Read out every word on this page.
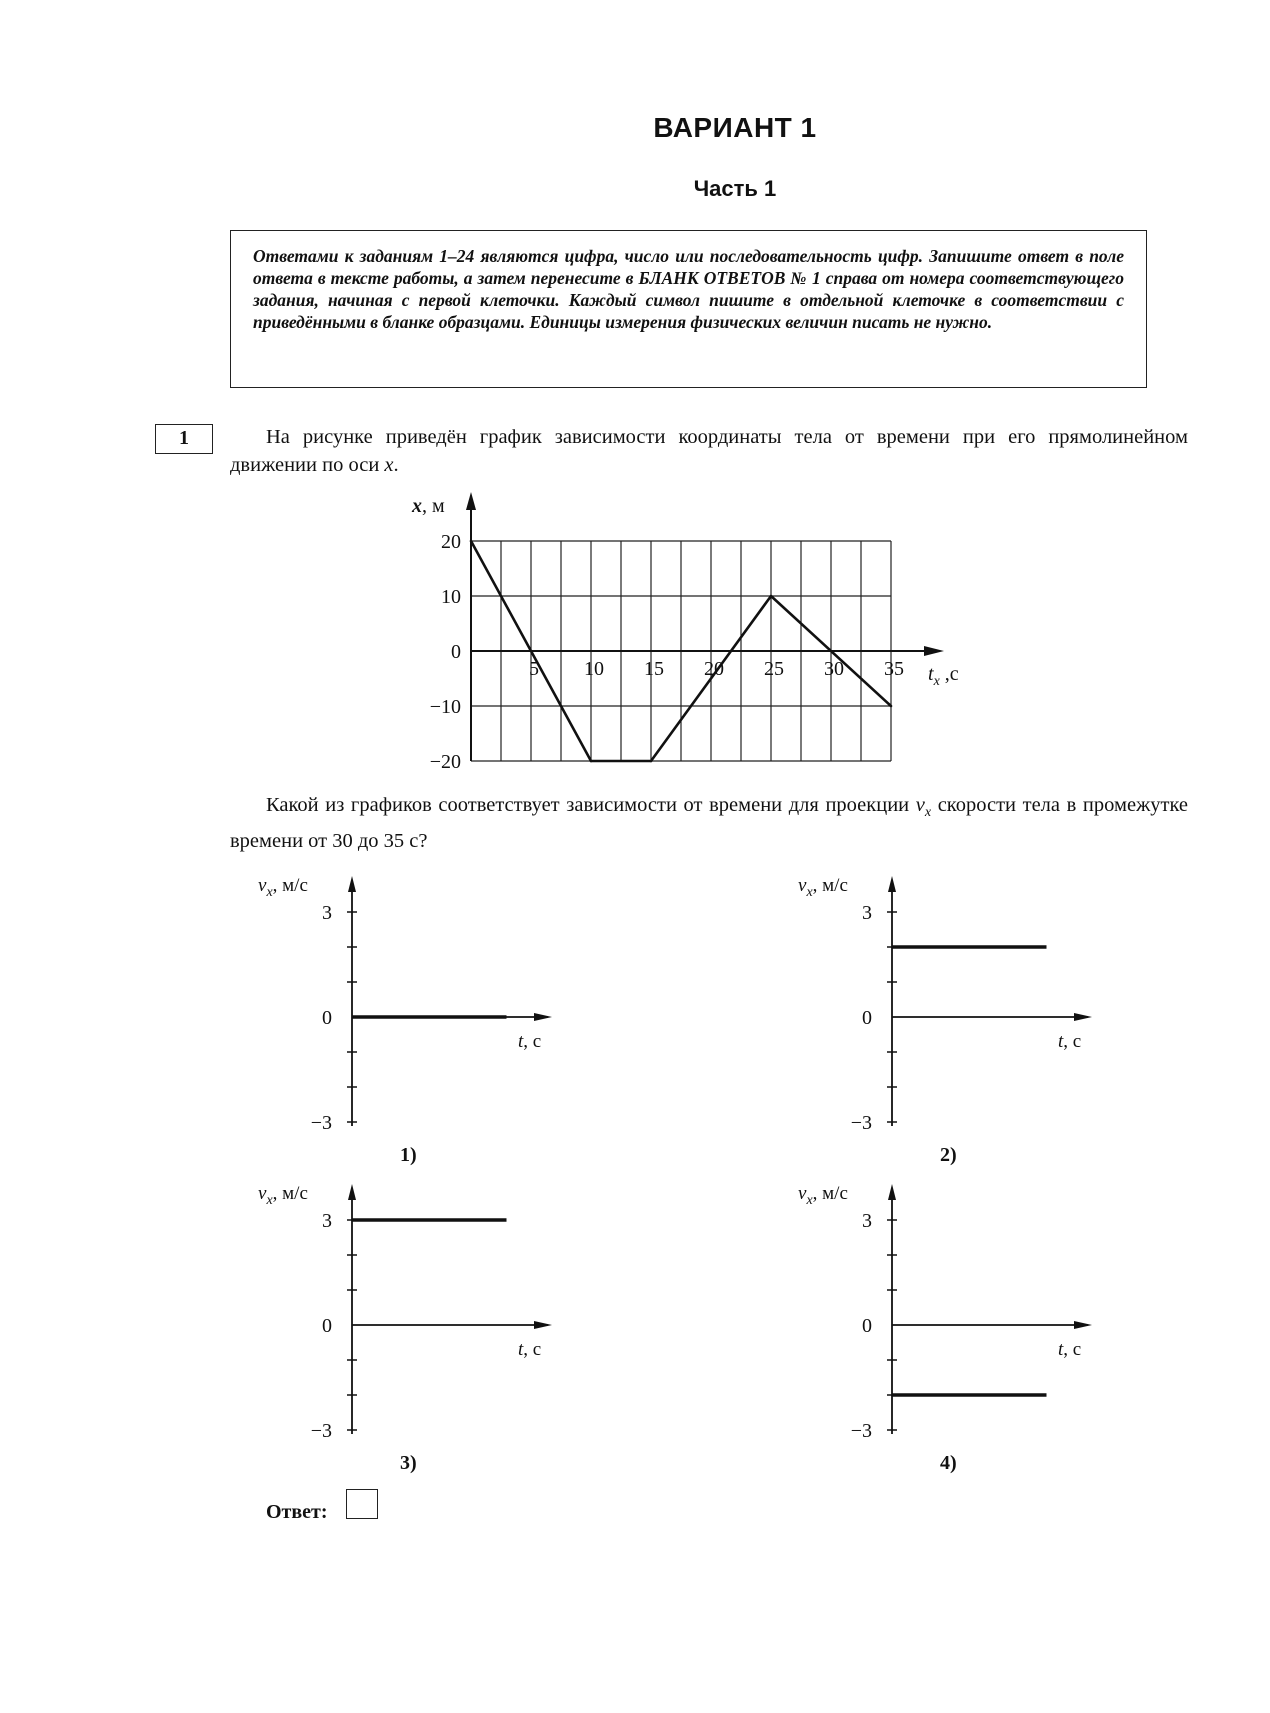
ВАРИАНТ 1
Часть 1
Ответами к заданиям 1–24 являются цифра, число или последовательность цифр. Запишите ответ в поле ответа в тексте работы, а затем перенесите в БЛАНК ОТВЕТОВ № 1 справа от номера соответствующего задания, начиная с первой клеточки. Каждый символ пишите в отдельной клеточке в соответствии с приведёнными в бланке образцами. Единицы измерения физических величин писать не нужно.
1	На рисунке приведён график зависимости координаты тела от времени при его прямолинейном движении по оси x.
5 10 15 20 25 30 35
20
10
0
−10
−20
x, м
$t_x$ ,с
Какой из графиков соответствует зависимости от времени для проекции $v_x$ скорости тела в промежутке времени от 30 до 35 с?
3
0
−3
$v_x$, м/с
t, с
1)
3
0
−3
$v_x$, м/с
t, с
2)
3
0
−3
$v_x$, м/с
t, с
3)
3
0
−3
$v_x$, м/с
t, с
4)
Ответ:
